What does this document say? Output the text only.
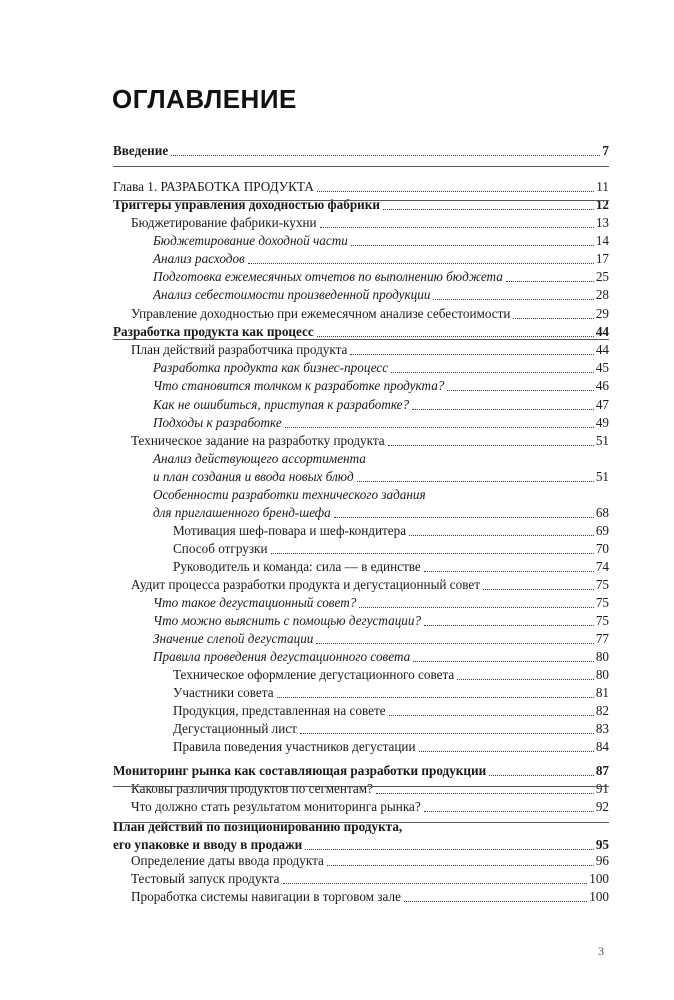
ОГЛАВЛЕНИЕ
Введение	7
Глава 1. РАЗРАБОТКА ПРОДУКТА	11
Триггеры управления доходностью фабрики	12
Бюджетирование фабрики-кухни	13
Бюджетирование доходной части	14
Анализ расходов	17
Подготовка ежемесячных отчетов по выполнению бюджета	25
Анализ себестоимости произведенной продукции	28
Управление доходностью при ежемесячном анализе себестоимости	29
Разработка продукта как процесс	44
План действий разработчика продукта	44
Разработка продукта как бизнес-процесс	45
Что становится толчком к разработке продукта?	46
Как не ошибиться, приступая к разработке?	47
Подходы к разработке	49
Техническое задание на разработку продукта	51
Анализ действующего ассортимента
и план создания и ввода новых блюд	51
Особенности разработки технического задания
для приглашенного бренд-шефа	68
Мотивация шеф-повара и шеф-кондитера	69
Способ отгрузки	70
Руководитель и команда: сила — в единстве	74
Аудит процесса разработки продукта и дегустационный совет	75
Что такое дегустационный совет?	75
Что можно выяснить с помощью дегустации?	75
Значение слепой дегустации	77
Правила проведения дегустационного совета	80
Техническое оформление дегустационного совета	80
Участники совета	81
Продукция, представленная на совете	82
Дегустационный лист	83
Правила поведения участников дегустации	84
Мониторинг рынка как составляющая разработки продукции	87
Каковы различия продуктов по сегментам?	91
Что должно стать результатом мониторинга рынка?	92
План действий по позиционированию продукта,
его упаковке и вводу в продажи	95
Определение даты ввода продукта	96
Тестовый запуск продукта	100
Проработка системы навигации в торговом зале	100
3
